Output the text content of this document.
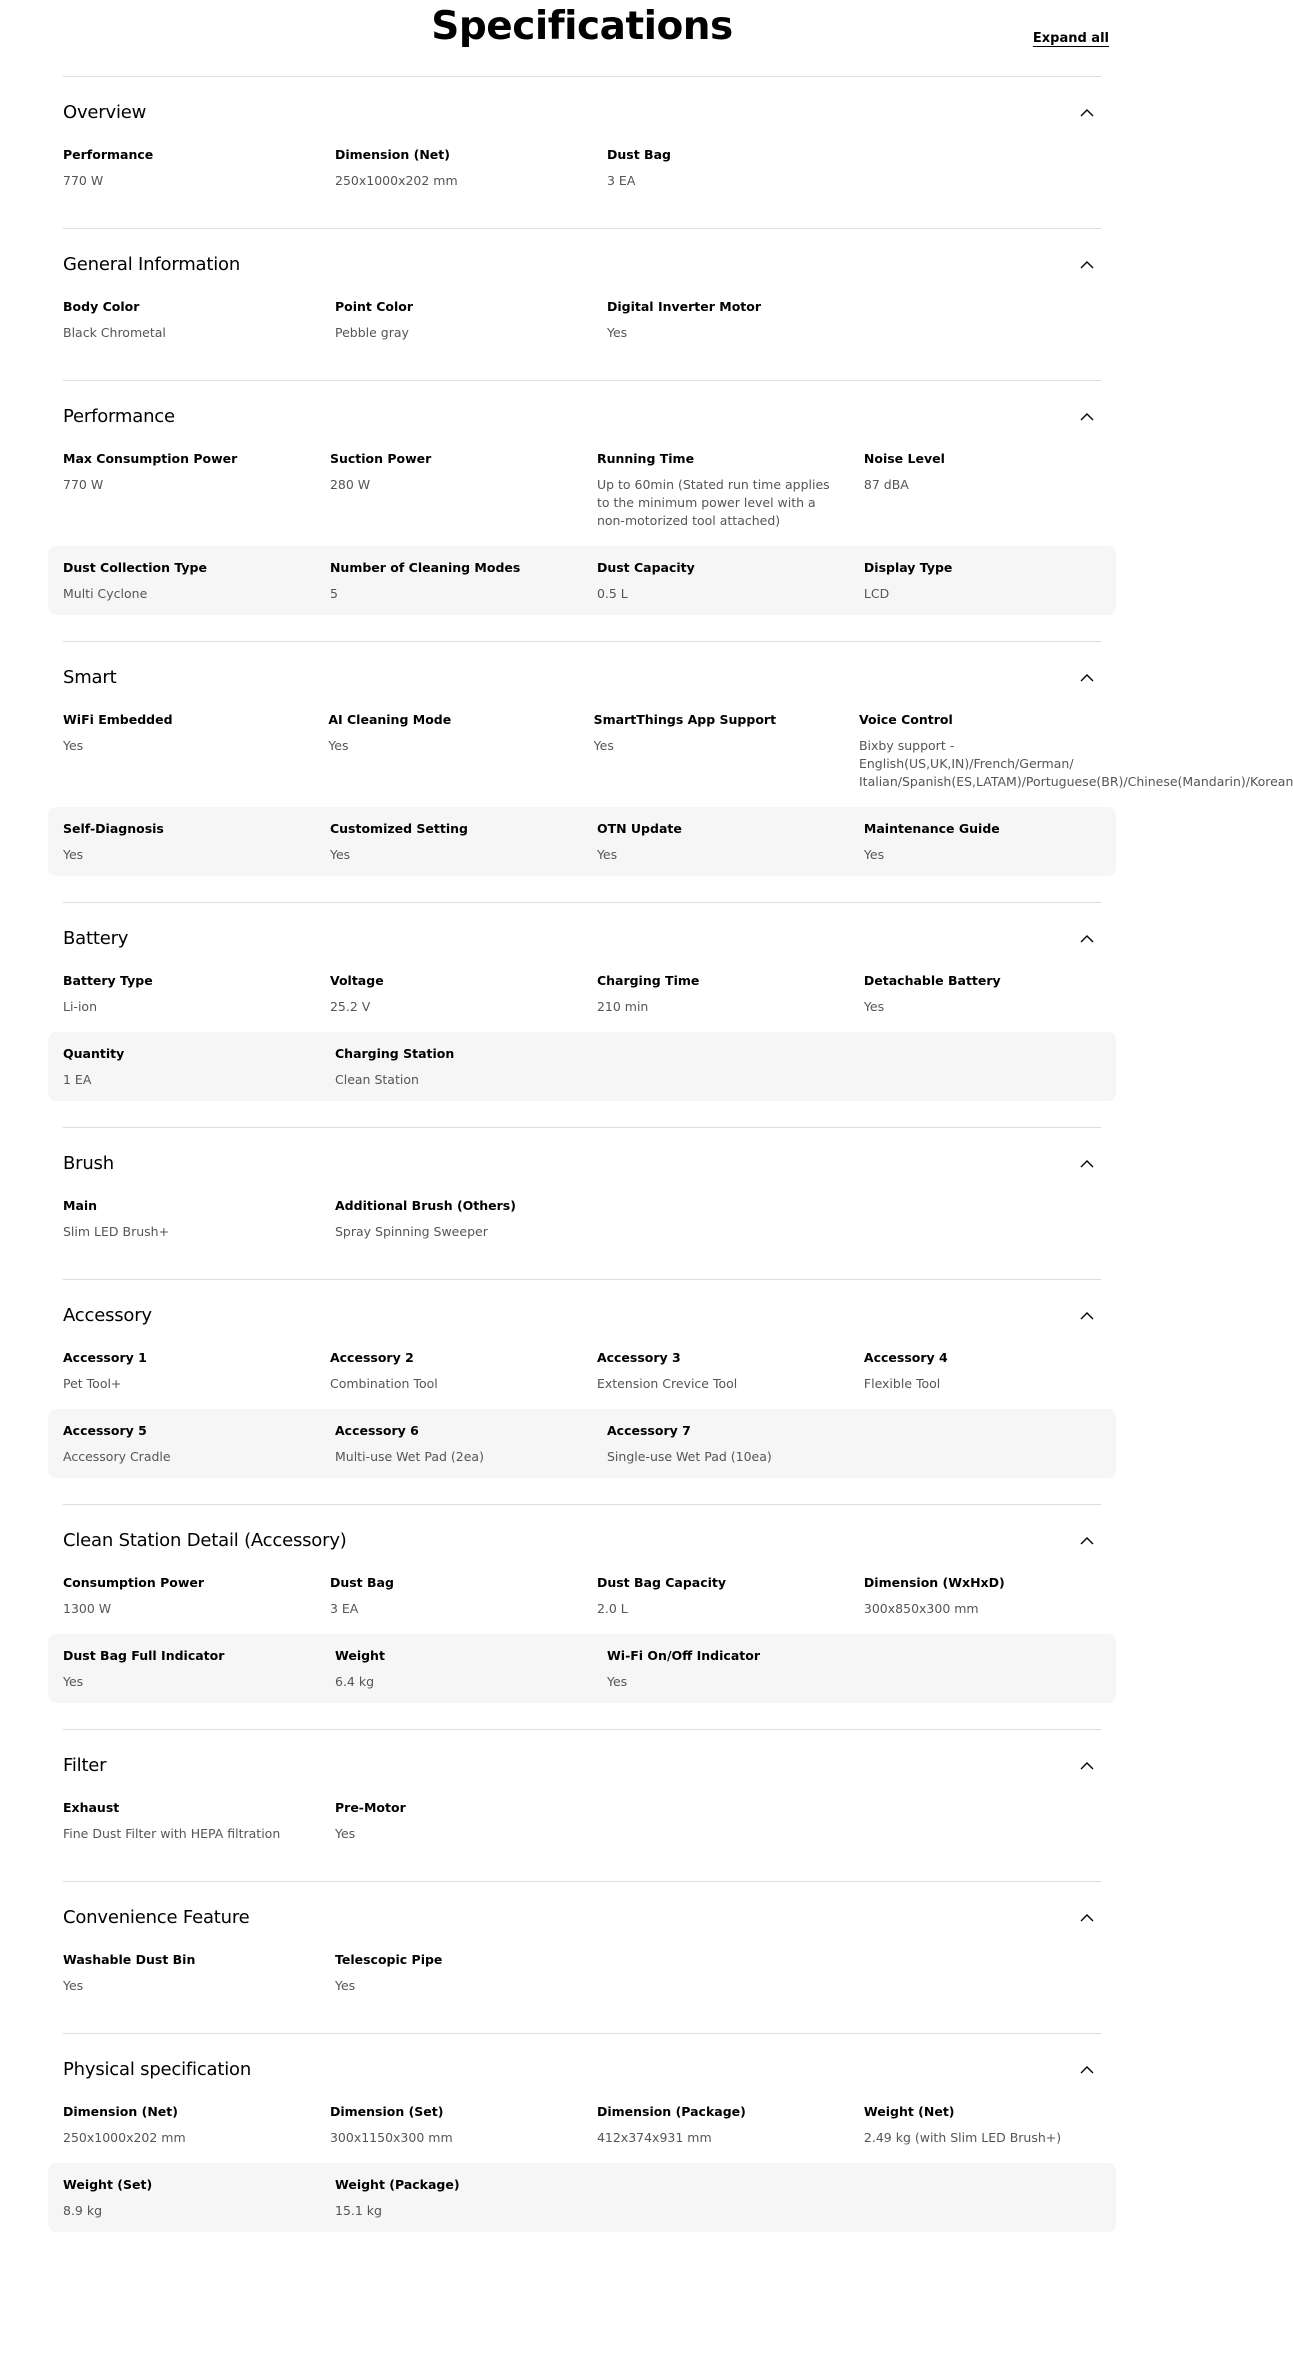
Specifications	Expand all
Overview
Performance
770 W
Dimension (Net)
250x1000x202 mm
Dust Bag
3 EA
General Information
Body Color
Black Chrometal
Point Color
Pebble gray
Digital Inverter Motor
Yes
Performance
Max Consumption Power
770 W
Suction Power
280 W
Running Time
Up to 60min (Stated run time applies to the minimum power level with a non-motorized tool attached)
Noise Level
87 dBA
Dust Collection Type
Multi Cyclone
Number of Cleaning Modes
5
Dust Capacity
0.5 L
Display Type
LCD
Smart
WiFi Embedded
Yes
AI Cleaning Mode
Yes
SmartThings App Support
Yes
Voice Control
Bixby support - English(US,UK,IN)/French/German/ Italian/Spanish(ES,LATAM)/Portuguese(BR)/Chinese(Mandarin)/Korean
Self-Diagnosis
Yes
Customized Setting
Yes
OTN Update
Yes
Maintenance Guide
Yes
Battery
Battery Type
Li-ion
Voltage
25.2 V
Charging Time
210 min
Detachable Battery
Yes
Quantity
1 EA
Charging Station
Clean Station
Brush
Main
Slim LED Brush+
Additional Brush (Others)
Spray Spinning Sweeper
Accessory
Accessory 1
Pet Tool+
Accessory 2
Combination Tool
Accessory 3
Extension Crevice Tool
Accessory 4
Flexible Tool
Accessory 5
Accessory Cradle
Accessory 6
Multi-use Wet Pad (2ea)
Accessory 7
Single-use Wet Pad (10ea)
Clean Station Detail (Accessory)
Consumption Power
1300 W
Dust Bag
3 EA
Dust Bag Capacity
2.0 L
Dimension (WxHxD)
300x850x300 mm
Dust Bag Full Indicator
Yes
Weight
6.4 kg
Wi-Fi On/Off Indicator
Yes
Filter
Exhaust
Fine Dust Filter with HEPA filtration
Pre-Motor
Yes
Convenience Feature
Washable Dust Bin
Yes
Telescopic Pipe
Yes
Physical specification
Dimension (Net)
250x1000x202 mm
Dimension (Set)
300x1150x300 mm
Dimension (Package)
412x374x931 mm
Weight (Net)
2.49 kg (with Slim LED Brush+)
Weight (Set)
8.9 kg
Weight (Package)
15.1 kg
